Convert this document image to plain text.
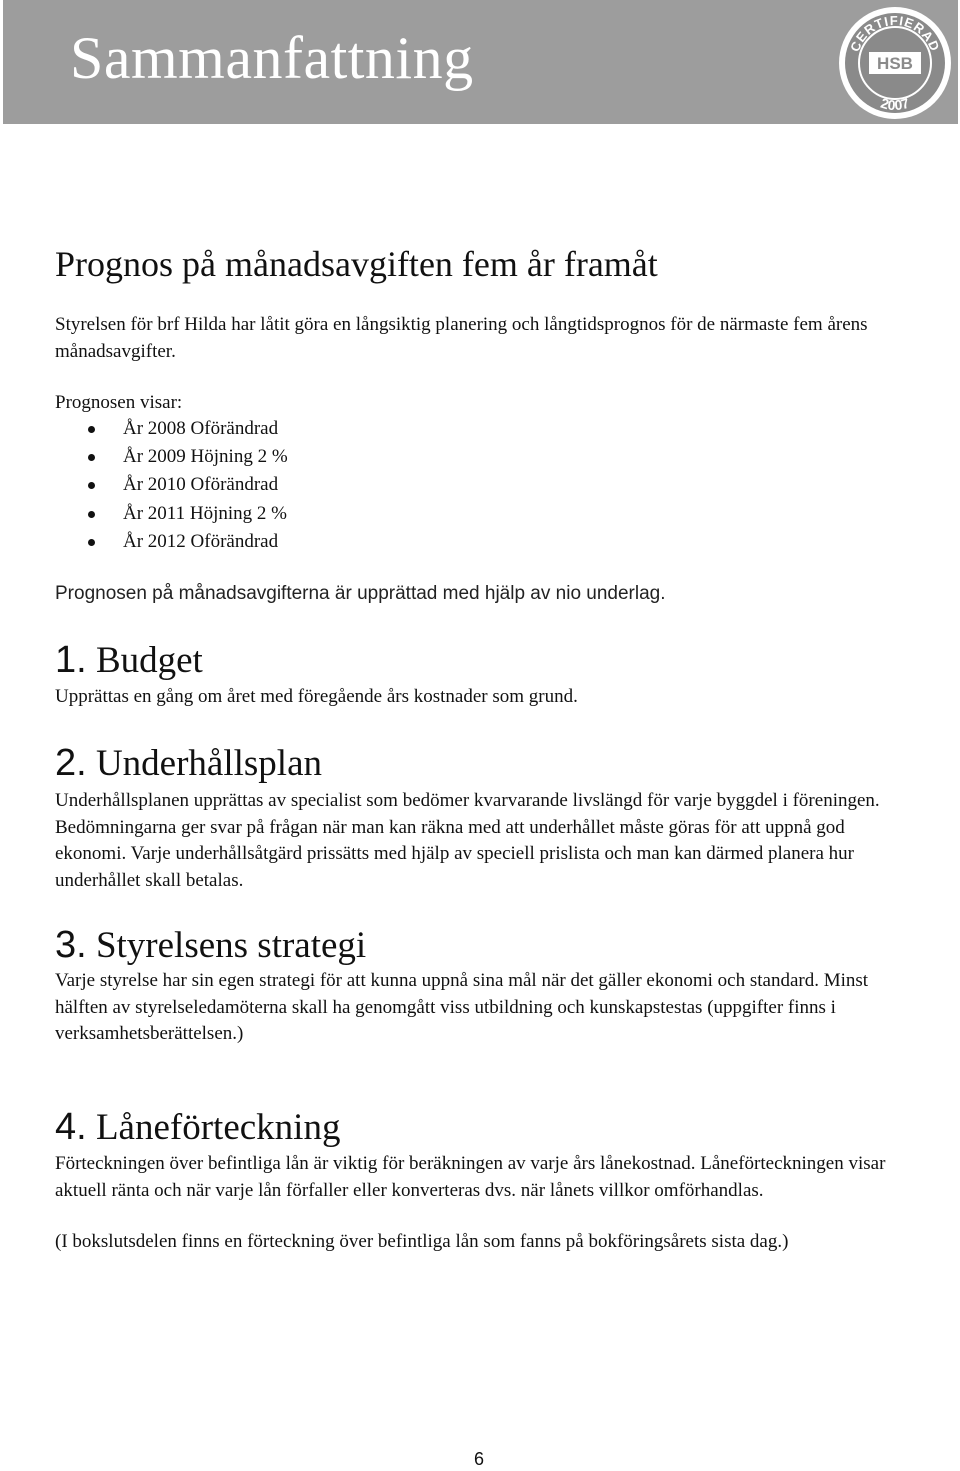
Sammanfattning	CERTIFIERAD
HSB
2007
Prognos på månadsavgiften fem år framåt

Styrelsen för brf Hilda har låtit göra en långsiktig planering och långtidsprognos för de närmaste fem årens månadsavgifter.

Prognosen visar:

År 2008 Oförändrad
År 2009 Höjning 2 %
År 2010 Oförändrad
År 2011 Höjning 2 %
År 2012 Oförändrad
Prognosen på månadsavgifterna är upprättad med hjälp av nio underlag.
1. Budget

Upprättas en gång om året med föregående års kostnader som grund.

2. Underhållsplan

Underhållsplanen upprättas av specialist som bedömer kvarvarande livslängd för varje byggdel i föreningen. Bedömningarna ger svar på frågan när man kan räkna med att underhållet måste göras för att uppnå god ekonomi. Varje underhållsåtgärd prissätts med hjälp av speciell prislista och man kan därmed planera hur underhållet skall betalas.

3. Styrelsens strategi

Varje styrelse har sin egen strategi för att kunna uppnå sina mål när det gäller ekonomi och standard. Minst hälften av styrelseledamöterna skall ha genomgått viss utbildning och kunskapstestas (uppgifter finns i verksamhetsberättelsen.)

4. Låneförteckning

Förteckningen över befintliga lån är viktig för beräkningen av varje års lånekostnad. Låneförteckningen visar aktuell ränta och när varje lån förfaller eller konverteras dvs. när lånets villkor omförhandlas.

(I bokslutsdelen finns en förteckning över befintliga lån som fanns på bokföringsårets sista dag.)

6
